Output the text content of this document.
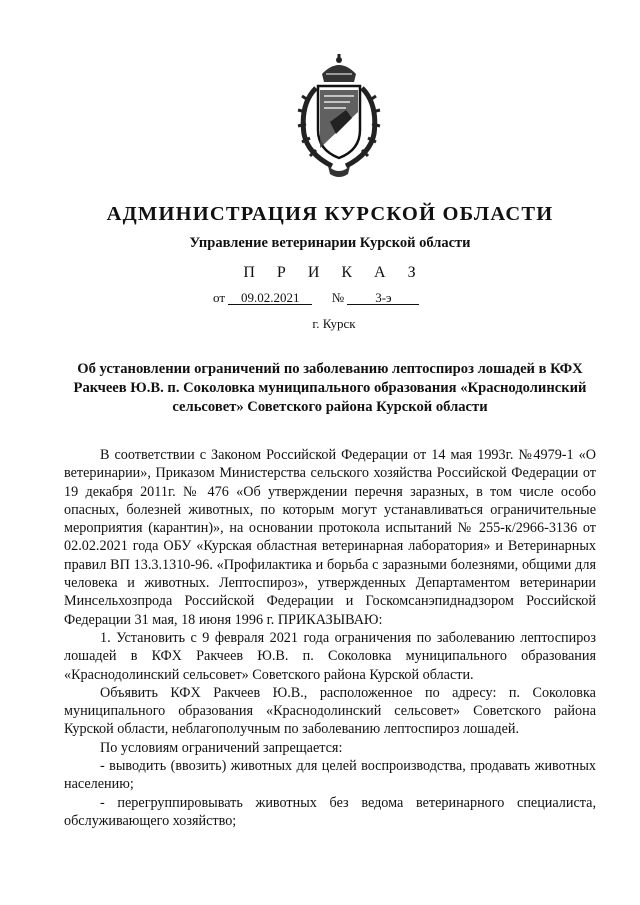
АДМИНИСТРАЦИЯ КУРСКОЙ ОБЛАСТИ
Управление ветеринарии Курской области
П Р И К А З
от 09.02.2021 № 3-э
г. Курск
Об установлении ограничений по заболеванию лептоспироз лошадей в КФХ Ракчеев Ю.В. п. Соколовка муниципального образования «Краснодолинский сельсовет» Советского района Курской области

В соответствии с Законом Российской Федерации от 14 мая 1993г. №4979-1 «О ветеринарии», Приказом Министерства сельского хозяйства Российской Федерации от 19 декабря 2011г. № 476 «Об утверждении перечня заразных, в том числе особо опасных, болезней животных, по которым могут устанавливаться ограничительные мероприятия (карантин)», на основании протокола испытаний № 255-к/2966-3136 от 02.02.2021 года ОБУ «Курская областная ветеринарная лаборатория» и Ветеринарных правил ВП 13.3.1310-96. «Профилактика и борьба с заразными болезнями, общими для человека и животных. Лептоспироз», утвержденных Департаментом ветеринарии Минсельхозпрода Российской Федерации и Госкомсанэпиднадзором Российской Федерации 31 мая, 18 июня 1996 г. ПРИКАЗЫВАЮ:

1. Установить с 9 февраля 2021 года ограничения по заболеванию лептоспироз лошадей в КФХ Ракчеев Ю.В. п. Соколовка муниципального образования «Краснодолинский сельсовет» Советского района Курской области.

Объявить КФХ Ракчеев Ю.В., расположенное по адресу: п. Соколовка муниципального образования «Краснодолинский сельсовет» Советского района Курской области, неблагополучным по заболеванию лептоспироз лошадей.

По условиям ограничений запрещается:

- выводить (ввозить) животных для целей воспроизводства, продавать животных населению;

- перегруппировывать животных без ведома ветеринарного специалиста, обслуживающего хозяйство;
